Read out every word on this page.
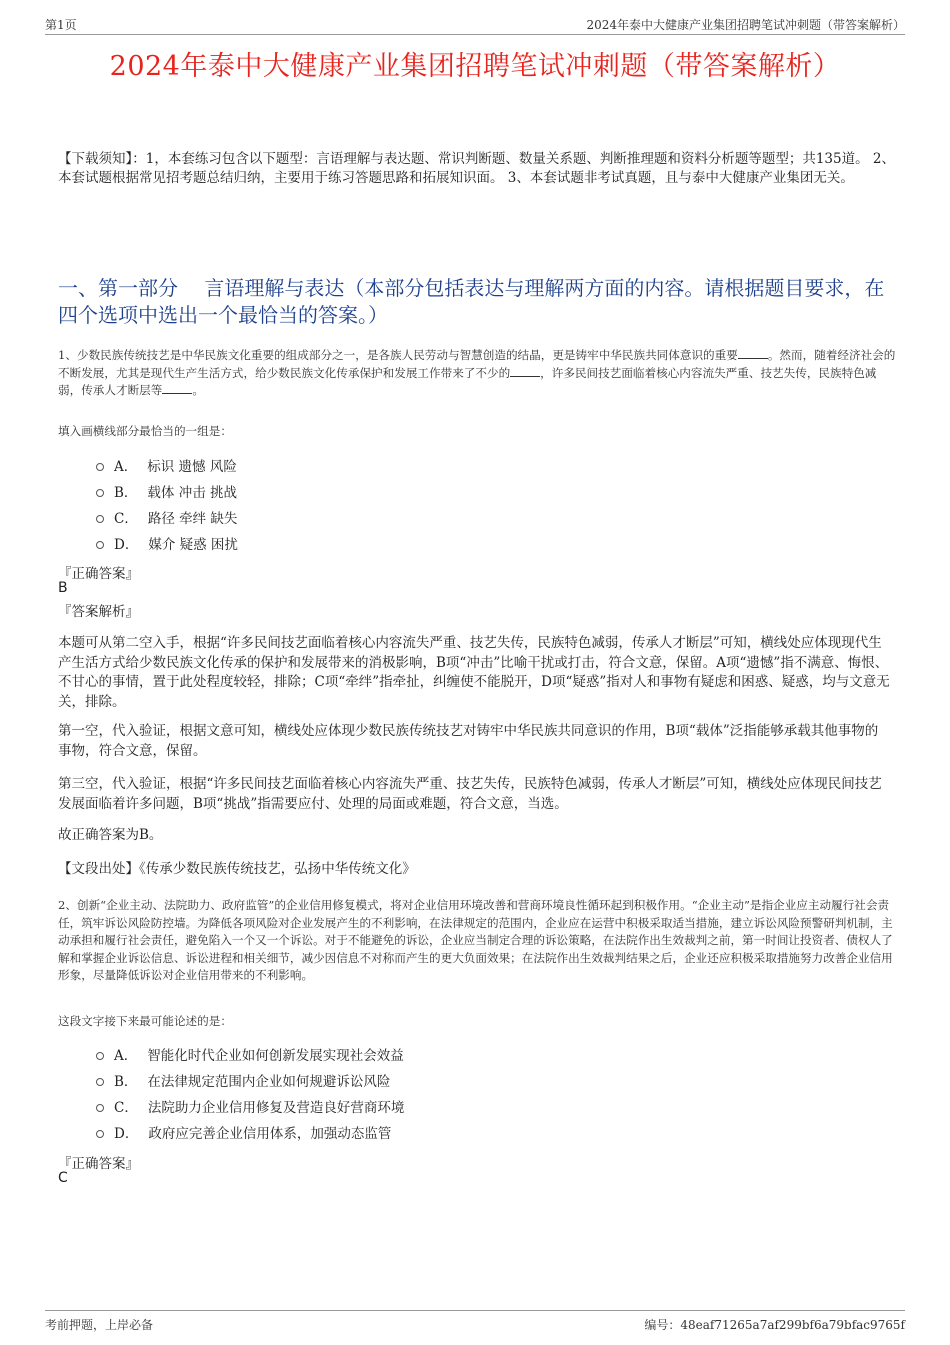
第1页	2024年泰中大健康产业集团招聘笔试冲刺题（带答案解析）
2024年泰中大健康产业集团招聘笔试冲刺题（带答案解析）
【下载须知】：1，本套练习包含以下题型：言语理解与表达题、常识判断题、数量关系题、判断推理题和资料分析题等题型；共135道。 2、本套试题根据常见招考题总结归纳，主要用于练习答题思路和拓展知识面。 3、本套试题非考试真题，且与泰中大健康产业集团无关。
一、第一部分　 言语理解与表达（本部分包括表达与理解两方面的内容。请根据题目要求，在四个选项中选出一个最恰当的答案。）
1、少数民族传统技艺是中华民族文化重要的组成部分之一，是各族人民劳动与智慧创造的结晶，更是铸牢中华民族共同体意识的重要	。然而，随着经济社会的不断发展，尤其是现代生产生活方式，给少数民族文化传承保护和发展工作带来了不少的	，许多民间技艺面临着核心内容流失严重、技艺失传，民族特色减弱，传承人才断层等	。
填入画横线部分最恰当的一组是：
A． 标识 遗憾 风险
B． 载体 冲击 挑战
C． 路径 牵绊 缺失
D． 媒介 疑惑 困扰
『正确答案』
B
『答案解析』
本题可从第二空入手，根据“许多民间技艺面临着核心内容流失严重、技艺失传，民族特色减弱，传承人才断层”可知，横线处应体现现代生产生活方式给少数民族文化传承的保护和发展带来的消极影响，B项“冲击”比喻干扰或打击，符合文意，保留。A项“遗憾”指不满意、悔恨、不甘心的事情，置于此处程度较轻，排除；C项“牵绊”指牵扯，纠缠使不能脱开，D项“疑惑”指对人和事物有疑虑和困惑、疑惑，均与文意无关，排除。
第一空，代入验证，根据文意可知，横线处应体现少数民族传统技艺对铸牢中华民族共同意识的作用，B项“载体”泛指能够承载其他事物的事物，符合文意，保留。
第三空，代入验证，根据“许多民间技艺面临着核心内容流失严重、技艺失传，民族特色减弱，传承人才断层”可知，横线处应体现民间技艺发展面临着许多问题，B项“挑战”指需要应付、处理的局面或难题，符合文意，当选。
故正确答案为B。
【文段出处】《传承少数民族传统技艺，弘扬中华传统文化》
2、创新“企业主动、法院助力、政府监管”的企业信用修复模式，将对企业信用环境改善和营商环境良性循环起到积极作用。“企业主动”是指企业应主动履行社会责任，筑牢诉讼风险防控墙。为降低各项风险对企业发展产生的不利影响，在法律规定的范围内，企业应在运营中积极采取适当措施，建立诉讼风险预警研判机制，主动承担和履行社会责任，避免陷入一个又一个诉讼。对于不能避免的诉讼，企业应当制定合理的诉讼策略，在法院作出生效裁判之前，第一时间让投资者、债权人了解和掌握企业诉讼信息、诉讼进程和相关细节，减少因信息不对称而产生的更大负面效果；在法院作出生效裁判结果之后，企业还应积极采取措施努力改善企业信用形象，尽量降低诉讼对企业信用带来的不利影响。
这段文字接下来最可能论述的是：
A． 智能化时代企业如何创新发展实现社会效益
B． 在法律规定范围内企业如何规避诉讼风险
C． 法院助力企业信用修复及营造良好营商环境
D． 政府应完善企业信用体系，加强动态监管
『正确答案』
C
考前押题，上岸必备	编号：48eaf71265a7af299bf6a79bfac9765f
